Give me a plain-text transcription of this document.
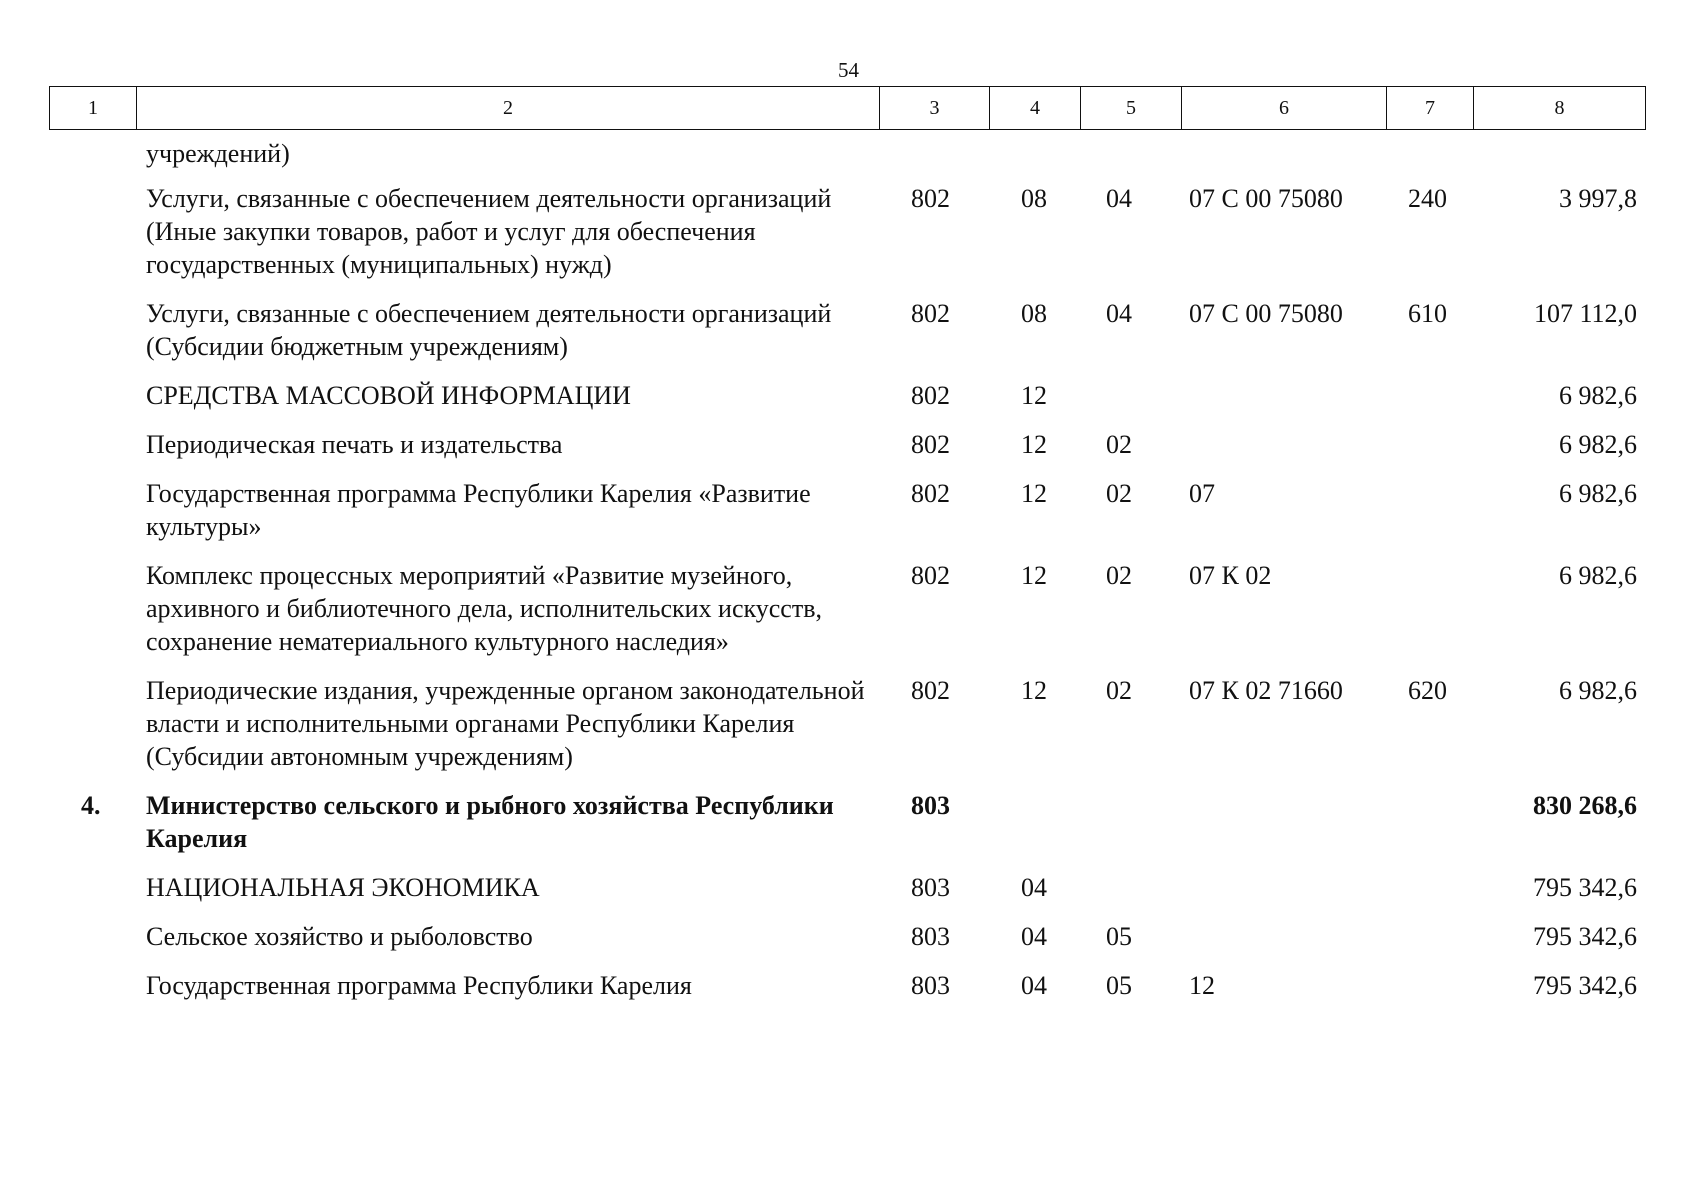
54
1	2	3	4	5	6	7	8
	учреждений)						
	Услуги, связанные с обеспечением деятельности организаций (Иные закупки товаров, работ и услуг для обеспечения государственных (муниципальных) нужд)	802	08	04	07 С 00 75080	240	3 997,8
	Услуги, связанные с обеспечением деятельности организаций (Субсидии бюджетным учреждениям)	802	08	04	07 С 00 75080	610	107 112,0
	СРЕДСТВА МАССОВОЙ ИНФОРМАЦИИ	802	12				6 982,6
	Периодическая печать и издательства	802	12	02			6 982,6
	Государственная программа Республики Карелия «Развитие культуры»	802	12	02	07		6 982,6
	Комплекс процессных мероприятий «Развитие музейного, архивного и библиотечного дела, исполнительских искусств, сохранение нематериального культурного наследия»	802	12	02	07 К 02		6 982,6
	Периодические издания, учрежденные органом законодательной власти и исполнительными органами Республики Карелия (Субсидии автономным учреждениям)	802	12	02	07 К 02 71660	620	6 982,6
4.	Министерство сельского и рыбного хозяйства Республики Карелия	803					830 268,6
	НАЦИОНАЛЬНАЯ ЭКОНОМИКА	803	04				795 342,6
	Сельское хозяйство и рыболовство	803	04	05			795 342,6
	Государственная программа Республики Карелия	803	04	05	12		795 342,6
